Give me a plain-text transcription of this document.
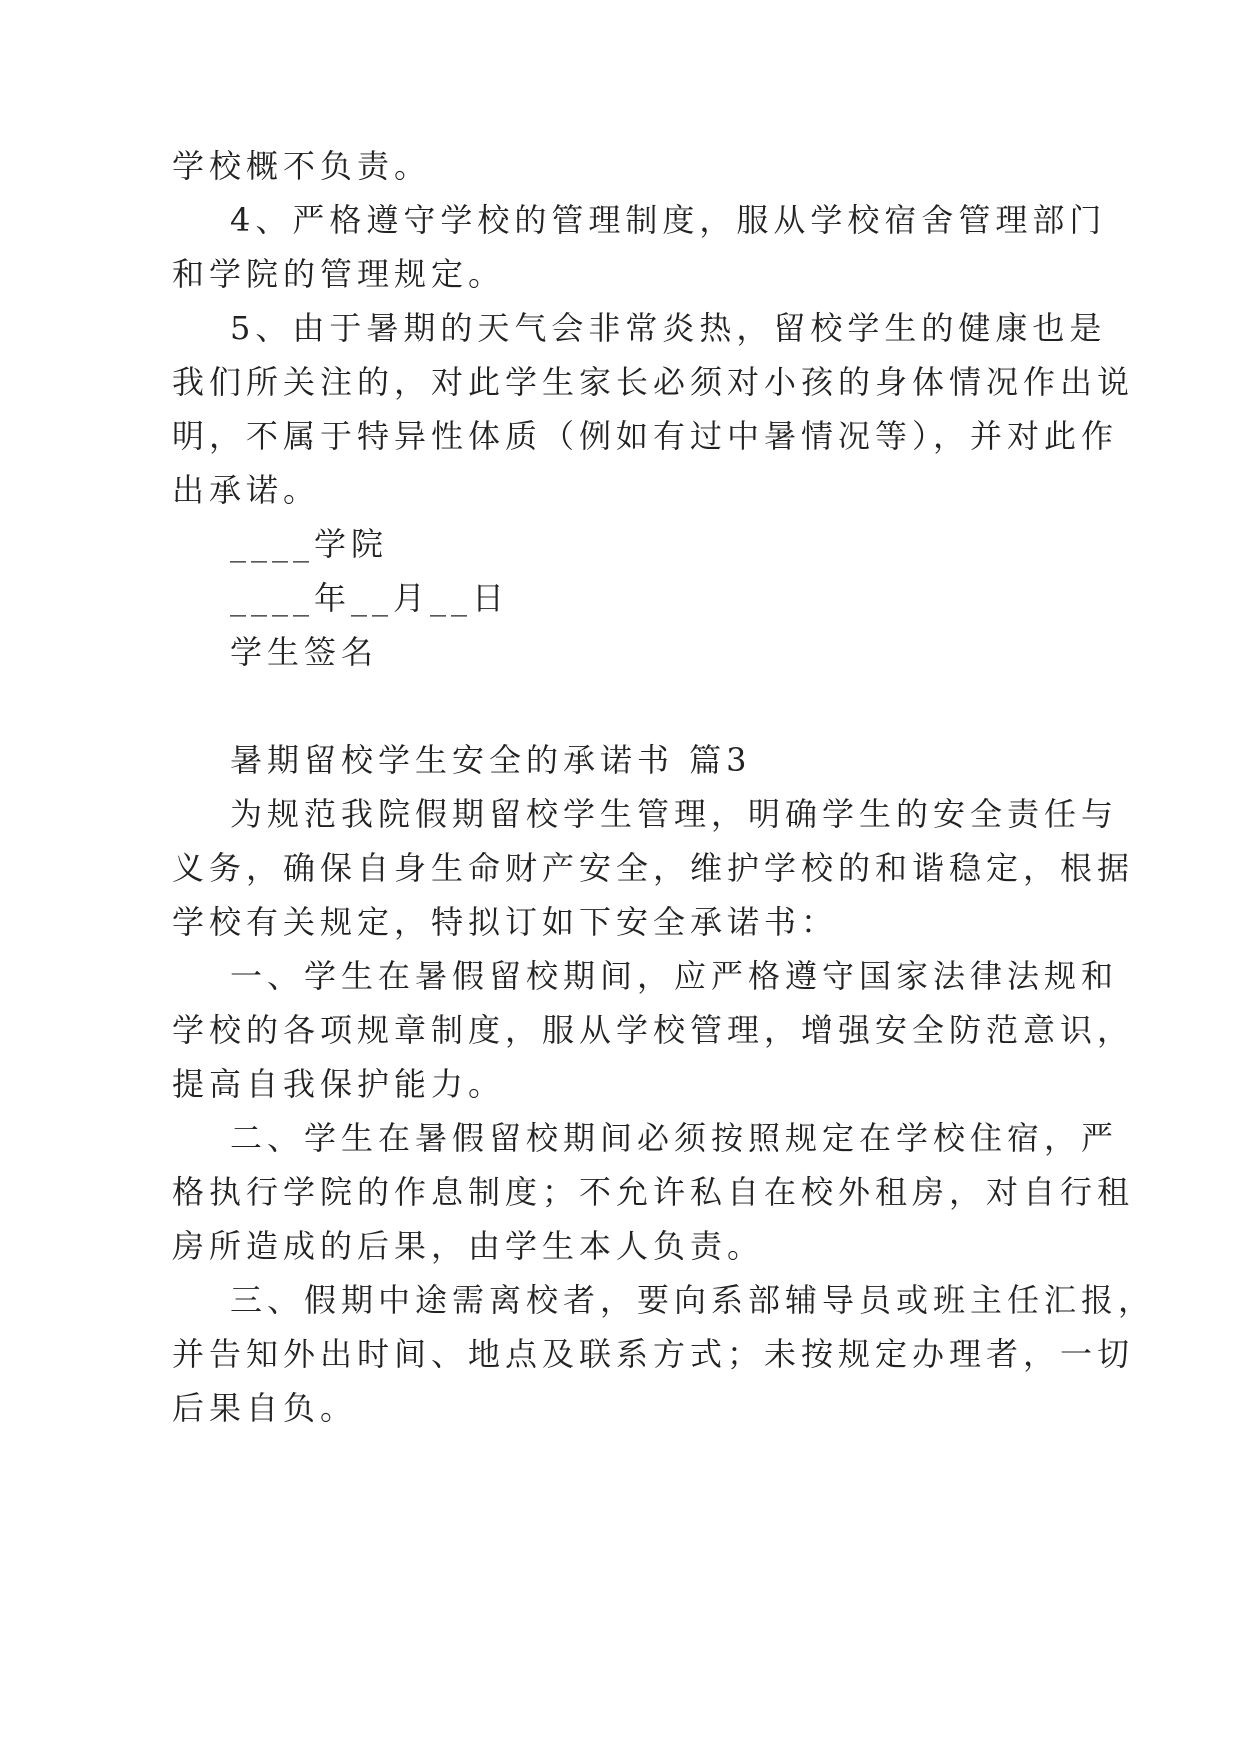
学校概不负责。
4、严格遵守学校的管理制度，服从学校宿舍管理部门
和学院的管理规定。
5、由于暑期的天气会非常炎热，留校学生的健康也是
我们所关注的，对此学生家长必须对小孩的身体情况作出说
明，不属于特异性体质（例如有过中暑情况等），并对此作
出承诺。
____学院
____年__月__日
学生签名
暑期留校学生安全的承诺书 篇3
为规范我院假期留校学生管理，明确学生的安全责任与
义务，确保自身生命财产安全，维护学校的和谐稳定，根据
学校有关规定，特拟订如下安全承诺书：
一、学生在暑假留校期间，应严格遵守国家法律法规和
学校的各项规章制度，服从学校管理，增强安全防范意识，
提高自我保护能力。
二、学生在暑假留校期间必须按照规定在学校住宿，严
格执行学院的作息制度；不允许私自在校外租房，对自行租
房所造成的后果，由学生本人负责。
三、假期中途需离校者，要向系部辅导员或班主任汇报，
并告知外出时间、地点及联系方式；未按规定办理者，一切
后果自负。
